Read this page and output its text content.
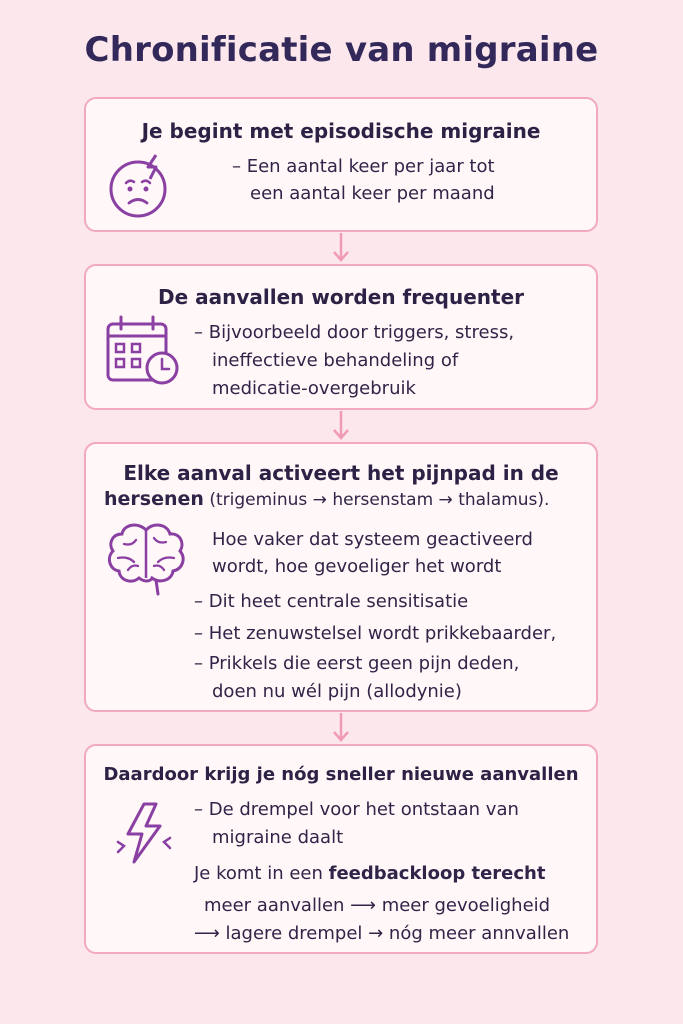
Chronificatie van migraine
Je begint met episodische migraine
– Een aantal keer per jaar tot
een aantal keer per maand
De aanvallen worden frequenter
– Bijvoorbeeld door triggers, stress,
ineffectieve behandeling of
medicatie-overgebruik
Elke aanval activeert het pijnpad in de
hersenen (trigeminus → hersenstam → thalamus).
Hoe vaker dat systeem geactiveerd
wordt, hoe gevoeliger het wordt
– Dit heet centrale sensitisatie
– Het zenuwstelsel wordt prikkebaarder,
– Prikkels die eerst geen pijn deden,
doen nu wél pijn (allodynie)
Daardoor krijg je nóg sneller nieuwe aanvallen
– De drempel voor het ontstaan van
migraine daalt
Je komt in een feedbackloop terecht
meer aanvallen ⟶ meer gevoeligheid
⟶ lagere drempel → nóg meer annvallen
